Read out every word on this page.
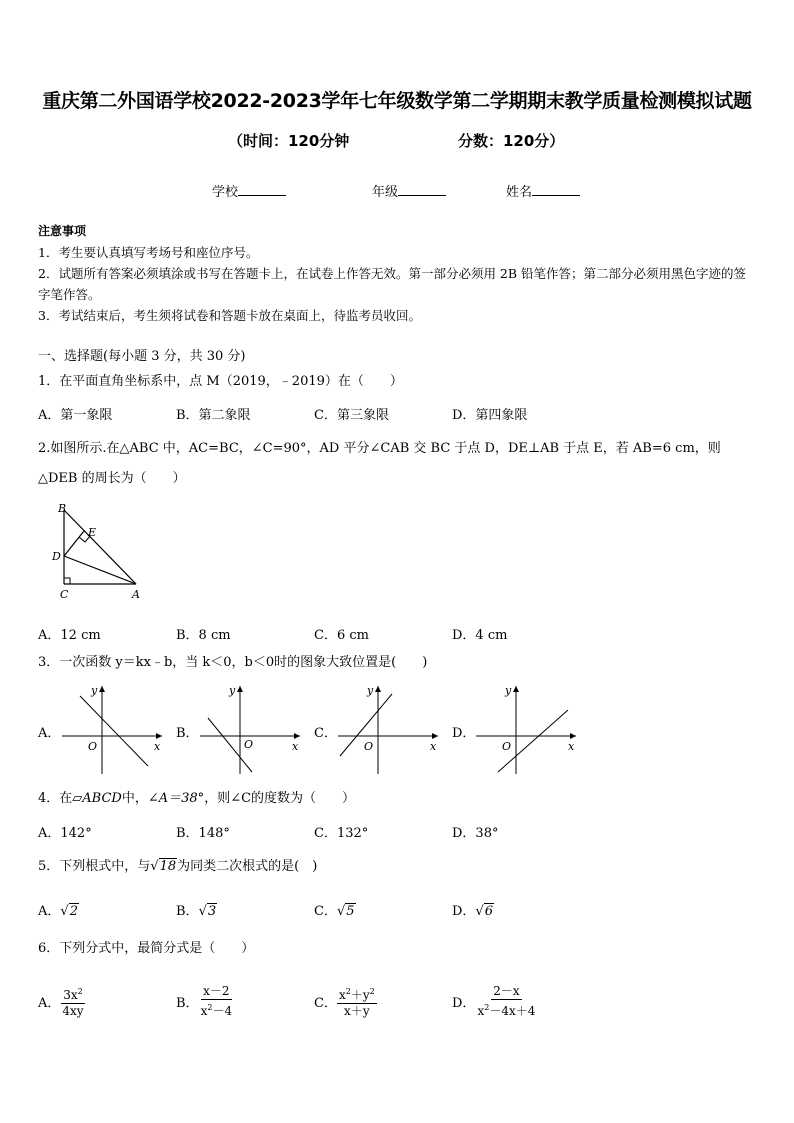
重庆第二外国语学校2022-2023学年七年级数学第二学期期末教学质量检测模拟试题
（时间：120分钟	分数：120分）
学校	年级	姓名
注意事项
1．考生要认真填写考场号和座位序号。
2．试题所有答案必须填涂或书写在答题卡上，在试卷上作答无效。第一部分必须用 2B 铅笔作答；第二部分必须用黑色字迹的签字笔作答。
3．考试结束后，考生须将试卷和答题卡放在桌面上，待监考员收回。
一、选择题(每小题 3 分，共 30 分)
1．在平面直角坐标系中，点 M（2019，﹣2019）在（　　）
A．第一象限	B．第二象限	C．第三象限	D．第四象限
2.如图所示.在△ABC 中，AC=BC，∠C=90°，AD 平分∠CAB 交 BC 于点 D，DE⊥AB 于点 E，若 AB=6 cm，则△DEB 的周长为（　　）
B
E
D
C	A
A．12 cm	B．8 cm	C．6 cm	D．4 cm
3．一次函数 y＝kx﹣b，当 k＜0，b＜0时的图象大致位置是(　　)
A．
x
y
O
B．
x
y
O
C．
x
y
O
D．
x
y
O
4．在▱ABCD中，∠A＝38°，则∠C的度数为（　　）
A．142°	B．148°	C．132°	D．38°
5．下列根式中，与√18为同类二次根式的是(　)
A．√2	B．√3	C．√5	D．√6
6．下列分式中，最简分式是（　　）
A． $\frac{3x^2}{4xy}$	B． $\frac{x-2}{x^2-4}$	C． $\frac{x^2+y^2}{x+y}$	D． $\frac{2-x}{x^2-4x+4}$
